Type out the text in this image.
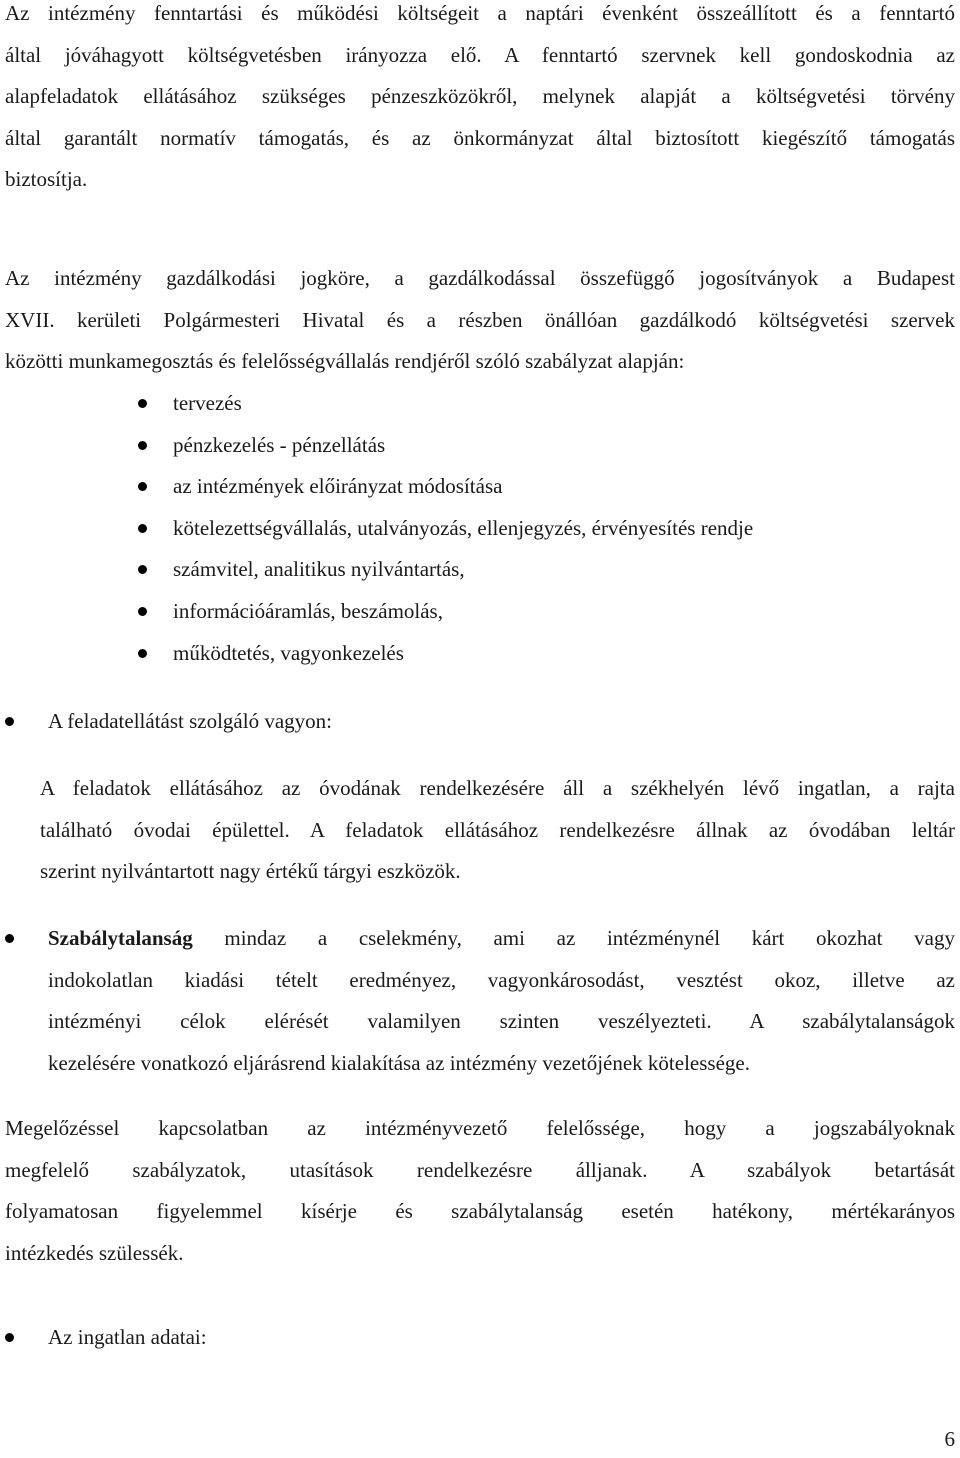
Az intézmény fenntartási és működési költségeit a naptári évenként összeállított és a fenntartó
által jóváhagyott költségvetésben irányozza elő. A fenntartó szervnek kell gondoskodnia az
alapfeladatok ellátásához szükséges pénzeszközökről, melynek alapját a költségvetési törvény
által garantált normatív támogatás, és az önkormányzat által biztosított kiegészítő támogatás
biztosítja.

Az intézmény gazdálkodási jogköre, a gazdálkodással összefüggő jogosítványok a Budapest
XVII. kerületi Polgármesteri Hivatal és a részben önállóan gazdálkodó költségvetési szervek
közötti munkamegosztás és felelősségvállalás rendjéről szóló szabályzat alapján:

tervezés
pénzkezelés - pénzellátás
az intézmények előirányzat módosítása
kötelezettségvállalás, utalványozás, ellenjegyzés, érvényesítés rendje
számvitel, analitikus nyilvántartás,
információáramlás, beszámolás,
működtetés, vagyonkezelés
A feladatellátást szolgáló vagyon:

A feladatok ellátásához az óvodának rendelkezésére áll a székhelyén lévő ingatlan, a rajta
található óvodai épülettel. A feladatok ellátásához rendelkezésre állnak az óvodában leltár
szerint nyilvántartott nagy értékű tárgyi eszközök.

Szabálytalanság mindaz a cselekmény, ami az intézménynél kárt okozhat vagy
indokolatlan kiadási tételt eredményez, vagyonkárosodást, vesztést okoz, illetve az
intézményi célok elérését valamilyen szinten veszélyezteti. A szabálytalanságok
kezelésére vonatkozó eljárásrend kialakítása az intézmény vezetőjének kötelessége.

Megelőzéssel kapcsolatban az intézményvezető felelőssége, hogy a jogszabályoknak
megfelelő szabályzatok, utasítások rendelkezésre álljanak. A szabályok betartását
folyamatosan figyelemmel kísérje és szabálytalanság esetén hatékony, mértékarányos
intézkedés szülessék.

Az ingatlan adatai:
6
